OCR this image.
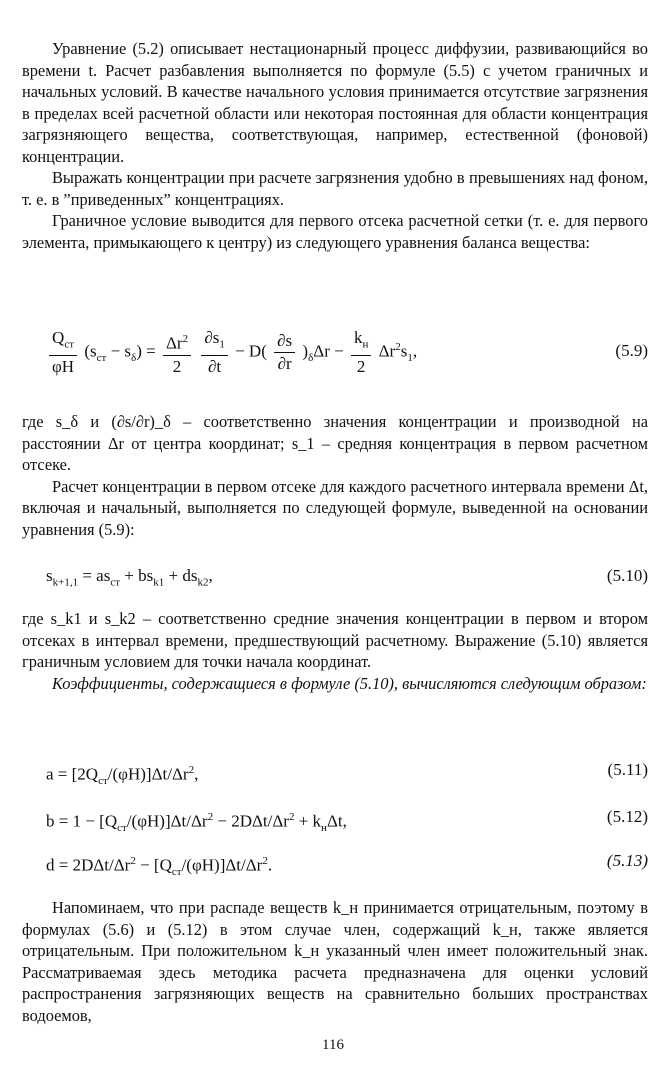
Уравнение (5.2) описывает нестационарный процесс диффузии, развивающийся во времени t. Расчет разбавления выполняется по формуле (5.5) с учетом граничных и начальных условий. В качестве начального условия принимается отсутствие загрязнения в пределах всей расчетной области или некоторая постоянная для области концентрация загрязняющего вещества, соответствующая, например, естественной (фоновой) концентрации.

Выражать концентрации при расчете загрязнения удобно в превышениях над фоном, т. е. в ”приведенных” концентрациях.

Граничное условие выводится для первого отсека расчетной сетки (т. е. для первого элемента, примыкающего к центру) из следующего уравнения баланса вещества:

$\frac{Q_{ст}}{\varphi H} (s_{ст} - s_\delta) = \frac{\Delta r^2}{2}$
$\frac{\partial s_1}{\partial t} - D( \frac{\partial s}{\partial r} )_\delta\Delta r - \frac{k_н}{2} \Delta r^2s_1$,	(5.9)

где s_δ и (∂s/∂r)_δ – соответственно значения концентрации и производной на расстоянии Δr от центра координат; s_1 – средняя концентрация в первом расчетном отсеке.

Расчет концентрации в первом отсеке для каждого расчетного интервала времени Δt, включая и начальный, выполняется по следующей формуле, выведенной на основании уравнения (5.9):

$s_{k+1,1} = as_{ст} + bs_{k1} + ds_{k2}$,	(5.10)

где s_k1 и s_k2 – соответственно средние значения концентрации в первом и втором отсеках в интервал времени, предшествующий расчетному. Выражение (5.10) является граничным условием для точки начала координат.

Коэффициенты, содержащиеся в формуле (5.10), вычисляются следующим образом:

$a = [2Q_{ст}/(\varphi H)]\Delta t/\Delta r^2$,	(5.11)
$b = 1 - [Q_{ст}/(\varphi H)]\Delta t/\Delta r^2 - 2D\Delta t/\Delta r^2 + k_н\Delta t$,	(5.12)
$d = 2D\Delta t/\Delta r^2 - [Q_{ст}/(\varphi H)]\Delta t/\Delta r^2$.	(5.13)

Напоминаем, что при распаде веществ k_н принимается отрицательным, поэтому в формулах (5.6) и (5.12) в этом случае член, содержащий k_н, также является отрицательным. При положительном k_н указанный член имеет положительный знак. Рассматриваемая здесь методика расчета предназначена для оценки условий распространения загрязняющих веществ на сравнительно больших пространствах водоемов,

116
